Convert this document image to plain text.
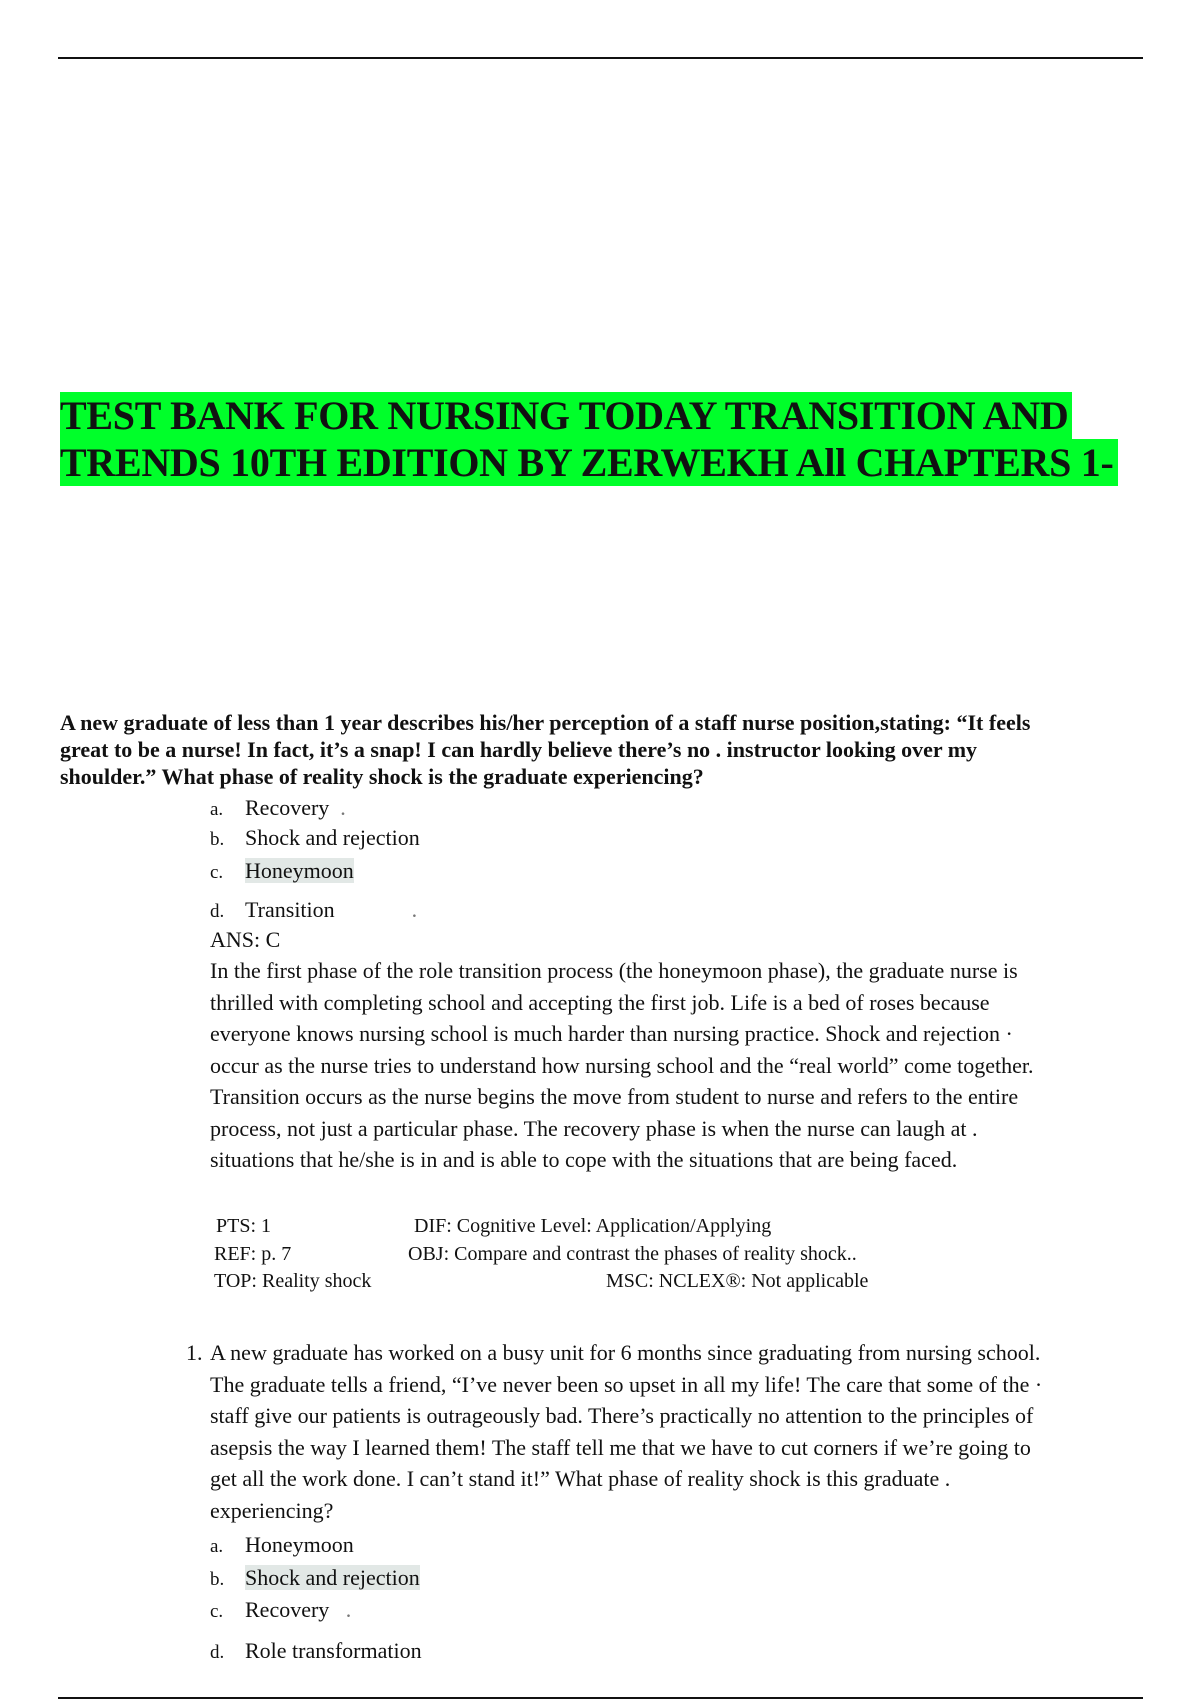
TEST BANK FOR NURSING TODAY TRANSITION AND
TRENDS 10TH EDITION BY ZERWEKH All CHAPTERS 1-
A new graduate of less than 1 year describes his/her perception of a staff nurse position,stating: “It feels
great to be a nurse! In fact, it’s a snap! I can hardly believe there’s no . instructor looking over my
shoulder.” What phase of reality shock is the graduate experiencing?
a. Recovery  .
b. Shock and rejection
c. Honeymoon
d. Transition              .
ANS: C
In the first phase of the role transition process (the honeymoon phase), the graduate nurse is
thrilled with completing school and accepting the first job. Life is a bed of roses because
everyone knows nursing school is much harder than nursing practice. Shock and rejection ·
occur as the nurse tries to understand how nursing school and the “real world” come together.
Transition occurs as the nurse begins the move from student to nurse and refers to the entire
process, not just a particular phase. The recovery phase is when the nurse can laugh at .
situations that he/she is in and is able to cope with the situations that are being faced.
PTS: 1	DIF: Cognitive Level: Application/Applying
REF: p. 7	OBJ: Compare and contrast the phases of reality shock..
TOP: Reality shock	MSC: NCLEX®: Not applicable
1. A new graduate has worked on a busy unit for 6 months since graduating from nursing school.
The graduate tells a friend, “I’ve never been so upset in all my life! The care that some of the ·
staff give our patients is outrageously bad. There’s practically no attention to the principles of
asepsis the way I learned them! The staff tell me that we have to cut corners if we’re going to
get all the work done. I can’t stand it!” What phase of reality shock is this graduate .
experiencing?
a. Honeymoon
b. Shock and rejection
c. Recovery   .
d. Role transformation
